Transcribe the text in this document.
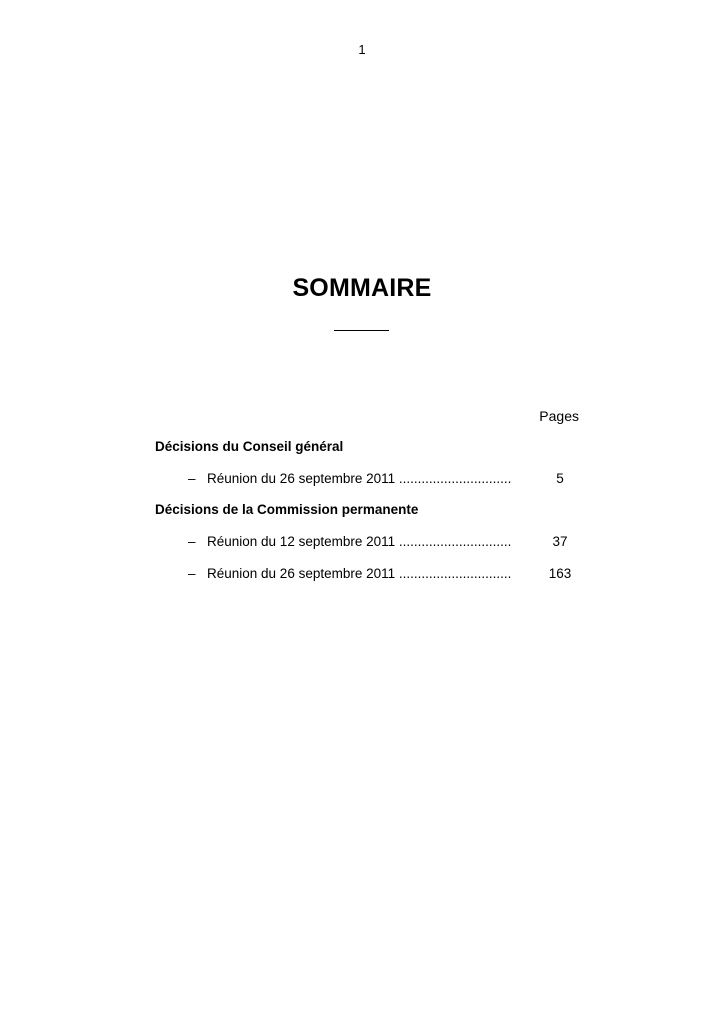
1
SOMMAIRE
Pages
Décisions du Conseil général
– Réunion du 26 septembre 2011 ..............................	5
Décisions de la Commission permanente
– Réunion du 12 septembre 2011 ..............................	37
– Réunion du 26 septembre 2011 ..............................	163
